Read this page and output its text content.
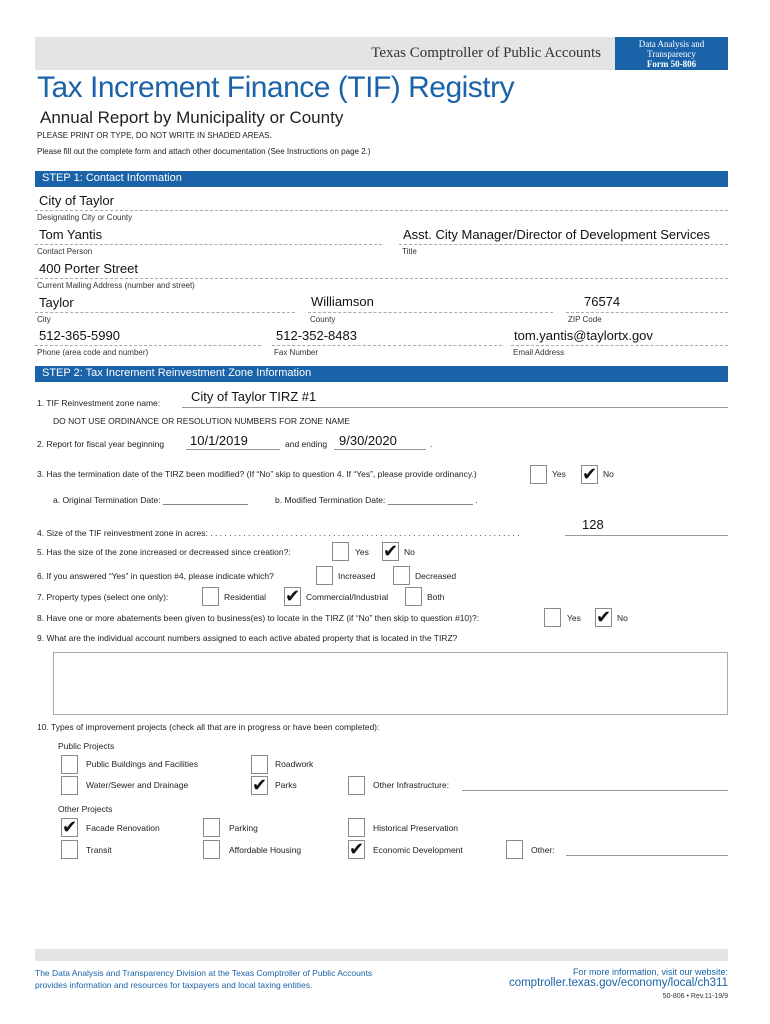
Texas Comptroller of Public Accounts
Data Analysis and
Transparency
Form 50-806
Tax Increment Finance (TIF) Registry
Annual Report by Municipality or County
PLEASE PRINT OR TYPE, DO NOT WRITE IN SHADED AREAS.
Please fill out the complete form and attach other documentation (See Instructions on page 2.)
STEP 1: Contact Information
City of Taylor
Designating City or County
Tom Yantis
Contact Person
Asst. City Manager/Director of Development Services
Title
400 Porter Street
Current Mailing Address (number and street)
Taylor
City
Williamson
County
76574
ZIP Code
512-365-5990
Phone (area code and number)
512-352-8483
Fax Number
tom.yantis@taylortx.gov
Email Address
STEP 2: Tax Increment Reinvestment Zone Information
1. TIF Reinvestment zone name: City of Taylor TIRZ #1
DO NOT USE ORDINANCE OR RESOLUTION NUMBERS FOR ZONE NAME
2. Report for fiscal year beginning 10/1/2019	and ending 9/30/2020	.
3. Has the termination date of the TIRZ been modified? (If “No” skip to question 4. If “Yes”, please provide ordinancy.)	Yes ✔ No
a. Original Termination Date: __________________	b. Modified Termination Date: __________________ .
4. Size of the TIF reinvestment zone in acres: . . . . . . . . . . . . . . . . . . . . . . . . . . . . . . . . . . . . . . . . . . . . . . . . . . . . . . . . . . . . . . . . . .
128
5. Has the size of the zone increased or decreased since creation?:	Yes ✔ No
6. If you answered “Yes” in question #4, please indicate which?	Increased	Decreased
7. Property types (select one only):	Residential ✔ Commercial/Industrial	Both
8. Have one or more abatements been given to business(es) to locate in the TIRZ (if “No” then skip to question #10)?:	Yes ✔ No
9. What are the individual account numbers assigned to each active abated property that is located in the TIRZ?
10. Types of improvement projects (check all that are in progress or have been completed):
Public Projects
Public Buildings and Facilities	Roadwork
Water/Sewer and Drainage	✔ Parks	Other Infrastructure:
Other Projects
✔ Facade Renovation	Parking	Historical Preservation
Transit	Affordable Housing	✔ Economic Development	Other:
The Data Analysis and Transparency Division at the Texas Comptroller of Public Accounts
provides information and resources for taxpayers and local taxing entities.
For more information, visit our website:
comptroller.texas.gov/economy/local/ch311
50-806 • Rev.11-19/9
